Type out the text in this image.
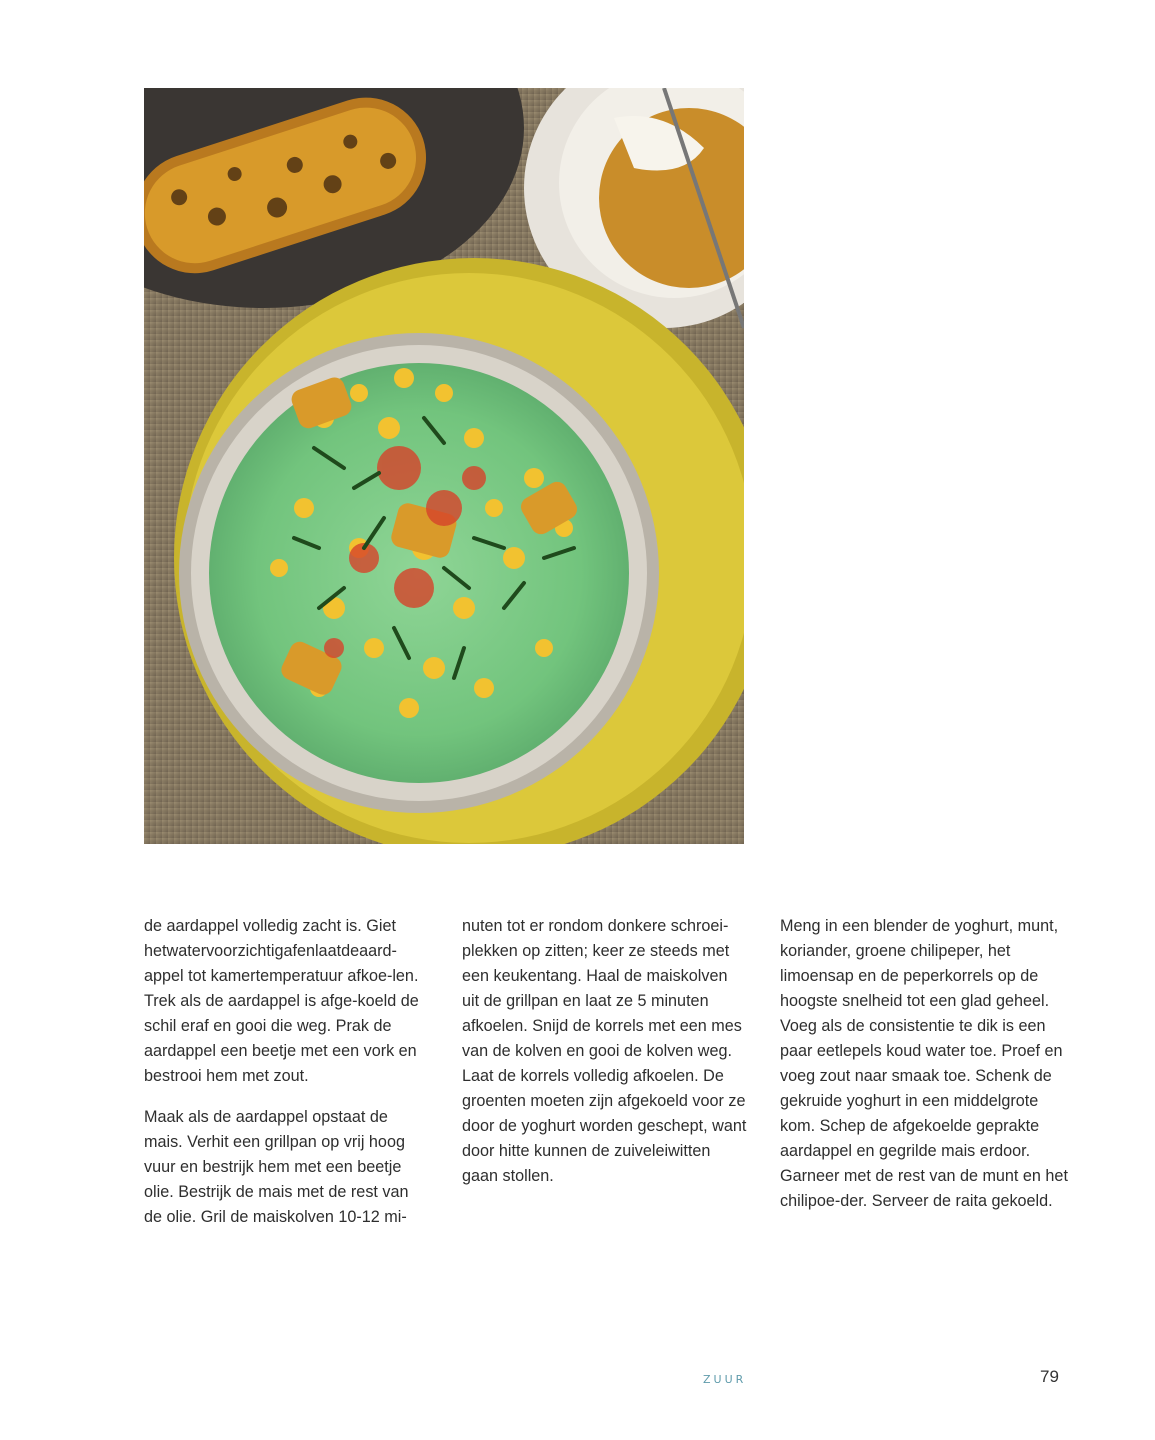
de aardappel volledig zacht is. Giet hetwatervoorzichtigafenlaatdeaard-appel tot kamertemperatuur afkoe-len. Trek als de aardappel is afge-koeld de schil eraf en gooi die weg. Prak de aardappel een beetje met een vork en bestrooi hem met zout.

Maak als de aardappel opstaat de mais. Verhit een grillpan op vrij hoog vuur en bestrijk hem met een beetje olie. Bestrijk de mais met de rest van de olie. Gril de maiskolven 10-12 mi-

nuten tot er rondom donkere schroei-plekken op zitten; keer ze steeds met een keukentang. Haal de maiskolven uit de grillpan en laat ze 5 minuten afkoelen. Snijd de korrels met een mes van de kolven en gooi de kolven weg. Laat de korrels volledig afkoelen. De groenten moeten zijn afgekoeld voor ze door de yoghurt worden geschept, want door hitte kunnen de zuiveleiwitten gaan stollen.

Meng in een blender de yoghurt, munt, koriander, groene chilipeper, het limoensap en de peperkorrels op de hoogste snelheid tot een glad geheel. Voeg als de consistentie te dik is een paar eetlepels koud water toe. Proef en voeg zout naar smaak toe. Schenk de gekruide yoghurt in een middelgrote kom. Schep de afgekoelde geprakte aardappel en gegrilde mais erdoor. Garneer met de rest van de munt en het chilipoe-der. Serveer de raita gekoeld.

ZUUR	79
